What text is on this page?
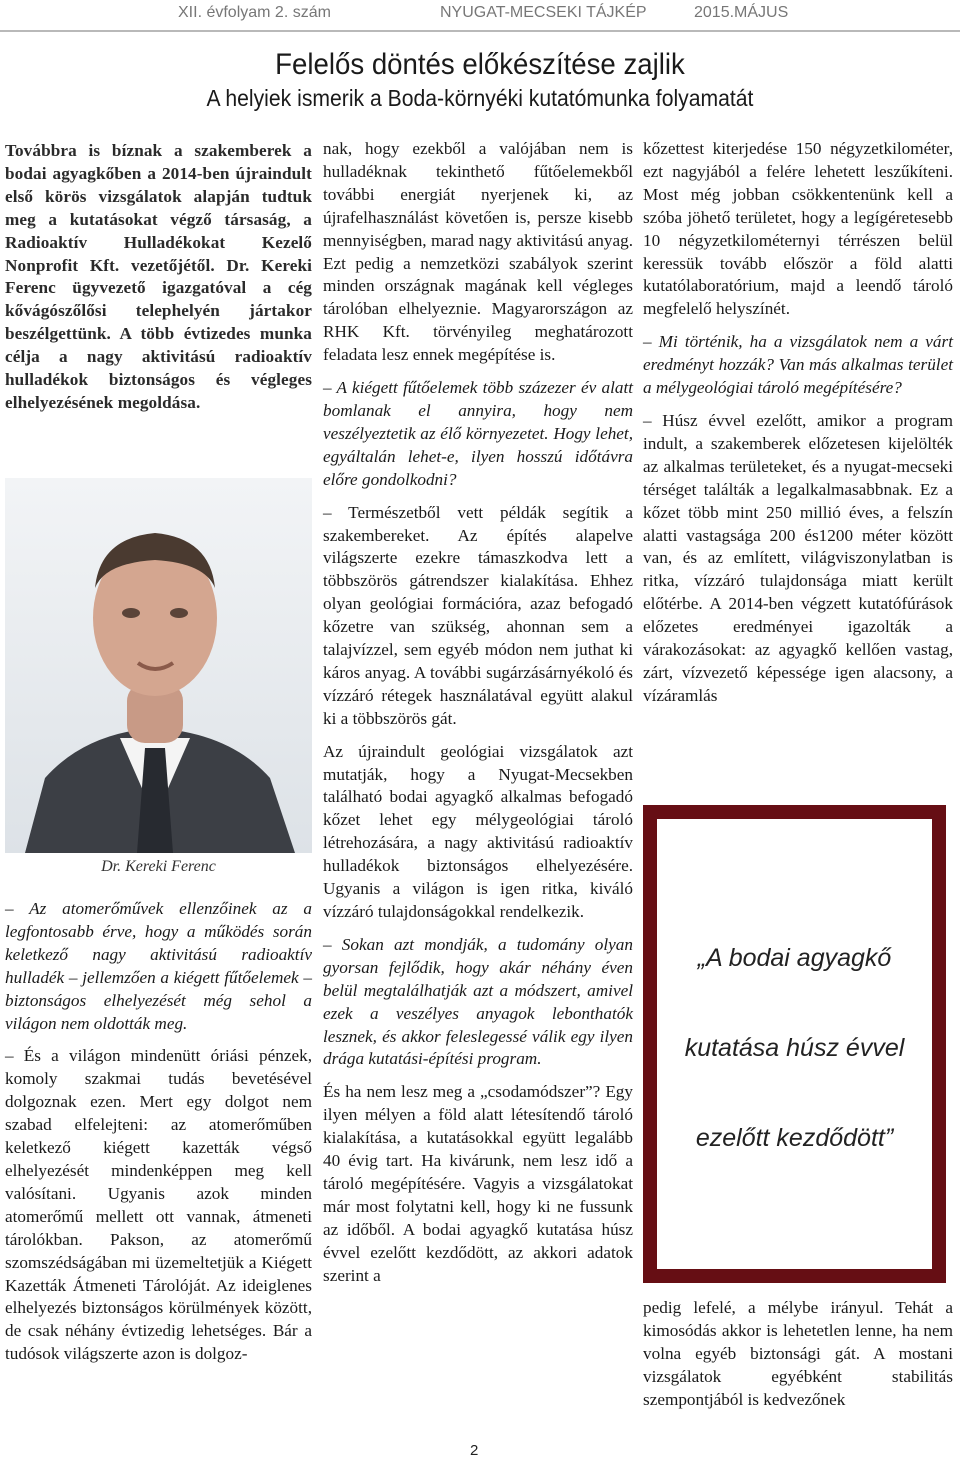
XII. évfolyam 2. szám	NYUGAT-MECSEKI TÁJKÉP	2015.MÁJUS
Felelős döntés előkészítése zajlik
A helyiek ismerik a Boda-környéki kutatómunka folyamatát

Továbbra is bíznak a szakemberek a bodai agyagkőben a 2014-ben újraindult első körös vizsgálatok alapján tudtuk meg a kutatásokat végző társaság, a Radioaktív Hulladékokat Kezelő Nonprofit Kft. vezetőjétől. Dr. Kereki Ferenc ügyvezető igazgatóval a cég kővágószőlősi telephelyén jártakor beszélgettünk. A több évtizedes munka célja a nagy aktivitású radioaktív hulladékok biztonságos és végleges elhelyezésének megoldása.

Dr. Kereki Ferenc

– Az atomerőművek ellenzőinek az a legfontosabb érve, hogy a működés során keletkező nagy aktivitású radioaktív hulladék – jellemzően a kiégett fűtőelemek – biztonságos elhelyezését még sehol a világon nem oldották meg.

– És a világon mindenütt óriási pénzek, komoly szakmai tudás bevetésével dolgoznak ezen. Mert egy dolgot nem szabad elfelejteni: az atomerőműben keletkező kiégett kazetták végső elhelyezését mindenképpen meg kell valósítani. Ugyanis azok minden atomerőmű mellett ott vannak, átmeneti tárolókban. Pakson, az atomerőmű szomszédságában mi üzemeltetjük a Kiégett Kazetták Átmeneti Tárolóját. Az ideiglenes elhelyezés biztonságos körülmények között, de csak néhány évtizedig lehetséges. Bár a tudósok világszerte azon is dolgoz-

nak, hogy ezekből a valójában nem is hulladéknak tekinthető fűtőelemekből további energiát nyerjenek ki, az újrafelhasználást követően is, persze kisebb mennyiségben, marad nagy aktivitású anyag. Ezt pedig a nemzetközi szabályok szerint minden országnak magának kell végleges tárolóban elhelyeznie. Magyarországon az RHK Kft. törvényileg meghatározott feladata lesz ennek megépítése is.

– A kiégett fűtőelemek több százezer év alatt bomlanak el annyira, hogy nem veszélyeztetik az élő környezetet. Hogy lehet, egyáltalán lehet-e, ilyen hosszú időtávra előre gondolkodni?

– Természetből vett példák segítik a szakembereket. Az építés alapelve világszerte ezekre támaszkodva lett a többszörös gátrendszer kialakítása. Ehhez olyan geológiai formációra, azaz befogadó kőzetre van szükség, ahonnan sem a talajvízzel, sem egyéb módon nem juthat ki káros anyag. A további sugárzásárnyékoló és vízzáró rétegek használatával együtt alakul ki a többszörös gát.

Az újraindult geológiai vizsgálatok azt mutatják, hogy a Nyugat-Mecsekben található bodai agyagkő alkalmas befogadó kőzet lehet egy mélygeológiai tároló létrehozására, a nagy aktivitású radioaktív hulladékok biztonságos elhelyezésére. Ugyanis a világon is igen ritka, kiváló vízzáró tulajdonságokkal rendelkezik.

– Sokan azt mondják, a tudomány olyan gyorsan fejlődik, hogy akár néhány éven belül megtalálhatják azt a módszert, amivel ezek a veszélyes anyagok lebonthatók lesznek, és akkor feleslegessé válik egy ilyen drága kutatási-építési program.

És ha nem lesz meg a „csodamódszer”? Egy ilyen mélyen a föld alatt létesítendő tároló kialakítása, a kutatásokkal együtt legalább 40 évig tart. Ha kivárunk, nem lesz idő a tároló megépítésére. Vagyis a vizsgálatokat már most folytatni kell, hogy ki ne fussunk az időből. A bodai agyagkő kutatása húsz évvel ezelőtt kezdődött, az akkori adatok szerint a

kőzettest kiterjedése 150 négyzetkilométer, ezt nagyjából a felére lehetett leszűkíteni. Most még jobban csökkentenünk kell a szóba jöhető területet, hogy a legígéretesebb 10 négyzetkilométernyi térrészen belül keressük tovább először a föld alatti kutatólaboratórium, majd a leendő tároló megfelelő helyszínét.

– Mi történik, ha a vizsgálatok nem a várt eredményt hozzák? Van más alkalmas terület a mélygeológiai tároló megépítésére?

– Húsz évvel ezelőtt, amikor a program indult, a szakemberek előzetesen kijelölték az alkalmas területeket, és a nyugat-mecseki térséget találták a legalkalmasabbnak. Ez a kőzet több mint 250 millió éves, a felszín alatti vastagsága 200 és1200 méter között van, és az említett, világviszonylatban is ritka, vízzáró tulajdonsága miatt került előtérbe. A 2014-ben végzett kutatófúrások előzetes eredményei igazolták a várakozásokat: az agyagkő kellően vastag, zárt, vízvezető képessége igen alacsony, a vízáramlás

„A bodai agyagkő
kutatása húsz évvel
ezelőtt kezdődött”

pedig lefelé, a mélybe irányul. Tehát a kimosódás akkor is lehetetlen lenne, ha nem volna egyéb biztonsági gát. A mostani vizsgálatok egyébként stabilitás szempontjából is kedvezőnek

2
